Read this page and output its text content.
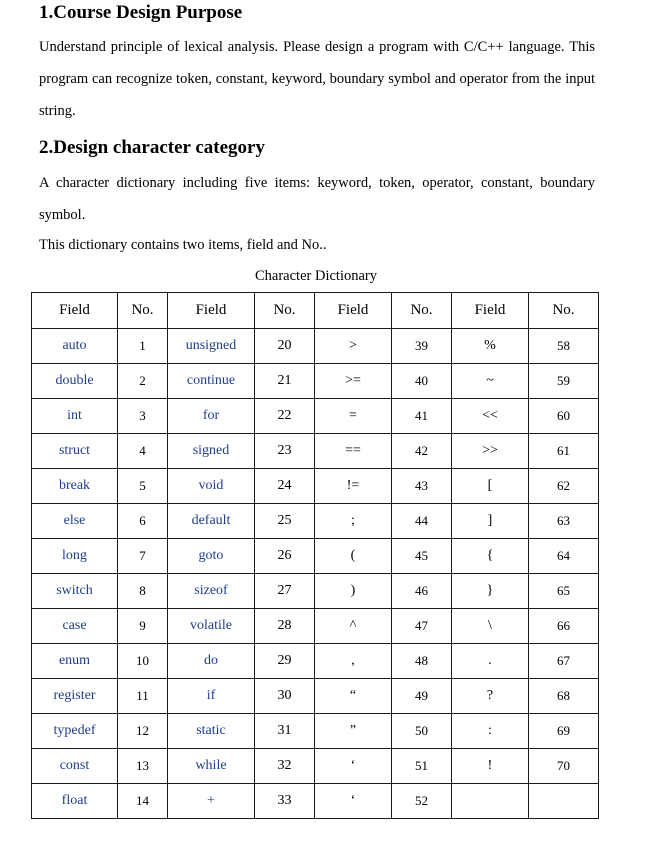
1.Course Design Purpose

Understand principle of lexical analysis. Please design a program with C/C++ language. This program can recognize token, constant, keyword, boundary symbol and operator from the input string.

2.Design character category

A character dictionary including five items: keyword, token, operator, constant, boundary symbol.

This dictionary contains two items, field and No..

Character Dictionary
Field	No.	Field	No.	Field	No.	Field	No.
auto	1	unsigned	20	>	39	%	58
double	2	continue	21	>=	40	~	59
int	3	for	22	=	41	<<	60
struct	4	signed	23	==	42	>>	61
break	5	void	24	!=	43	[	62
else	6	default	25	;	44	]	63
long	7	goto	26	(	45	{	64
switch	8	sizeof	27	)	46	}	65
case	9	volatile	28	^	47	\	66
enum	10	do	29	,	48	.	67
register	11	if	30	“	49	?	68
typedef	12	static	31	”	50	:	69
const	13	while	32	‘	51	!	70
float	14	+	33	‘	52		
